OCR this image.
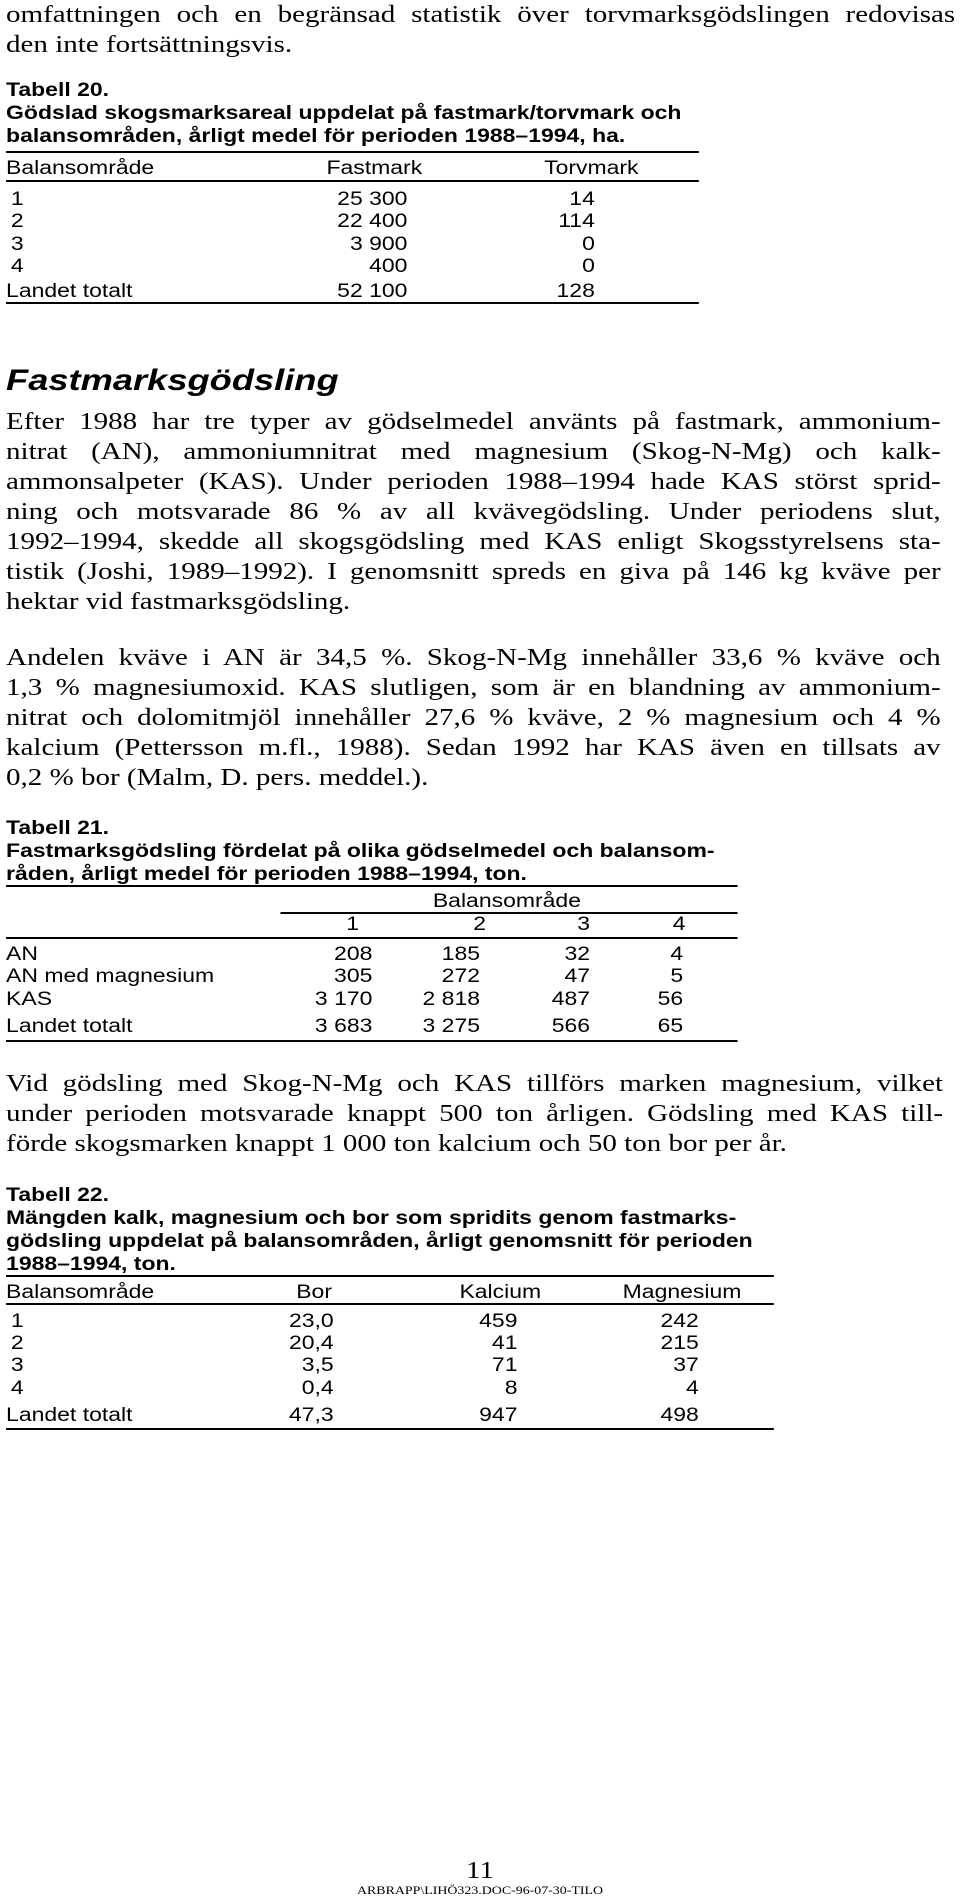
omfattningen och en begränsad statistik över torvmarksgödslingen redovisas
den inte fortsättningsvis.
Tabell 20.
Gödslad skogsmarksareal uppdelat på fastmark/torvmark och
balansområden, årligt medel för perioden 1988–1994, ha.
Balansområde	Fastmark	Torvmark
1	25 300	14
2	22 400	114
3	3 900	0
4	400	0
Landet totalt	52 100	128
Fastmarksgödsling
Efter 1988 har tre typer av gödselmedel använts på fastmark, ammonium-
nitrat (AN), ammoniumnitrat med magnesium (Skog-N-Mg) och kalk-
ammonsalpeter (KAS). Under perioden 1988–1994 hade KAS störst sprid-
ning och motsvarade 86 % av all kvävegödsling. Under periodens slut,
1992–1994, skedde all skogsgödsling med KAS enligt Skogsstyrelsens sta-
tistik (Joshi, 1989–1992). I genomsnitt spreds en giva på 146 kg kväve per
hektar vid fastmarksgödsling.
Andelen kväve i AN är 34,5 %. Skog-N-Mg innehåller 33,6 % kväve och
1,3 % magnesiumoxid. KAS slutligen, som är en blandning av ammonium-
nitrat och dolomitmjöl innehåller 27,6 % kväve, 2 % magnesium och 4 %
kalcium (Pettersson m.fl., 1988). Sedan 1992 har KAS även en tillsats av
0,2 % bor (Malm, D. pers. meddel.).
Tabell 21.
Fastmarksgödsling fördelat på olika gödselmedel och balansom-
råden, årligt medel för perioden 1988–1994, ton.
Balansområde
1	2	3	4
AN	208	185	32	4
AN med magnesium	305	272	47	5
KAS	3 170	2 818	487	56
Landet totalt	3 683	3 275	566	65
Vid gödsling med Skog-N-Mg och KAS tillförs marken magnesium, vilket
under perioden motsvarade knappt 500 ton årligen. Gödsling med KAS till-
förde skogsmarken knappt 1 000 ton kalcium och 50 ton bor per år.
Tabell 22.
Mängden kalk, magnesium och bor som spridits genom fastmarks-
gödsling uppdelat på balansområden, årligt genomsnitt för perioden
1988–1994, ton.
Balansområde	Bor	Kalcium	Magnesium
1	23,0	459	242
2	20,4	41	215
3	3,5	71	37
4	0,4	8	4
Landet totalt	47,3	947	498
11
ARBRAPP\LIHÖ323.DOC-96-07-30-TILO
